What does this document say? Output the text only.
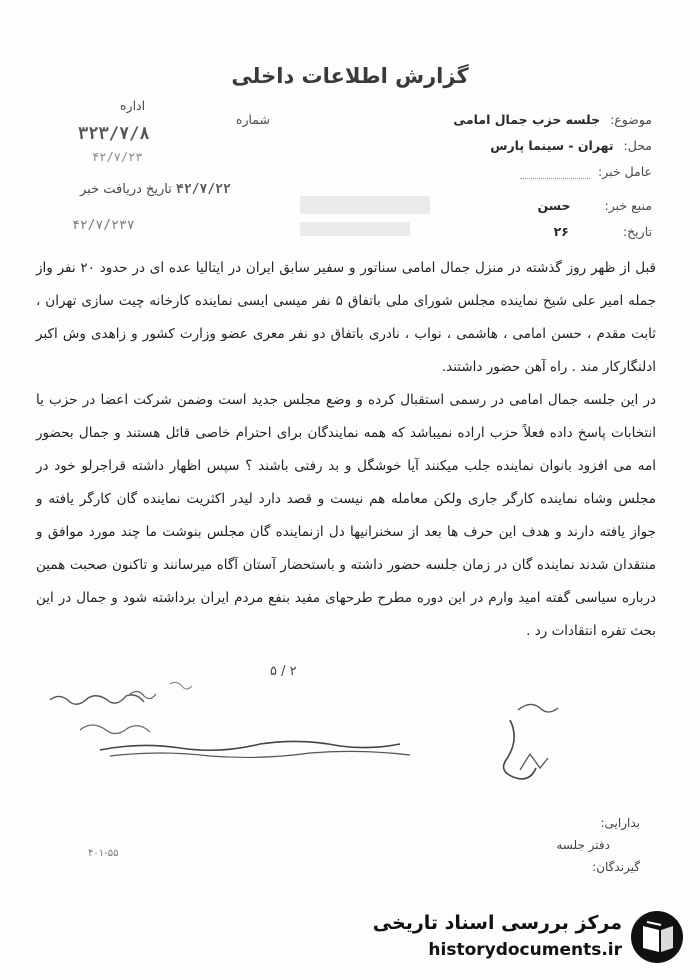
گزارش اطلاعات داخلی
موضوع: جلسه حزب جمال امامی
محل: تهران - سینما پارس
عامل خبر:
منبع خبر: حسن
تاریخ: ۲۶
اداره
شماره
۳۲۳/۷/۸
۴۲/۷/۲۳
۴۲/۷/۲۲ تاریخ دریافت خبر
۴۲/۷/۲۳۷

قبل از ظهر روز گذشته در منزل جمال امامی سناتور و سفیر سابق ایران در ایتالیا عده ای در حدود ۲۰ نفر واز جمله امیر علی شیخ نماینده مجلس شورای ملی باتفاق ۵ نفر میسی ایسی نماینده کارخانه چیت سازی تهران ، ثابت مقدم ، حسن امامی ، هاشمی ، نواب ، نادری باتفاق دو نفر معری عضو وزارت کشور و زاهدی وش اکبر ادلنگارکار مند . راه آهن حضور داشتند.

در این جلسه جمال امامی در رسمی استقبال کرده و وضع مجلس جدید است وضمن شرکت اعضا در حزب یا انتخابات پاسخ داده فعلاً حزب اراده نمیباشد که همه نمایندگان برای احترام خاصی قائل هستند و جمال بحضور امه می افزود بانوان نماینده جلب میکنند آیا خوشگل و بد رفتی باشند ؟ سپس اظهار داشته قراجرلو خود در مجلس وشاه نماینده کارگر جاری ولکن معامله هم نیست و قصد دارد لیدر اکثریت نماینده گان کارگر یافته و جواز یافته دارند و هدف این حرف ها بعد از سخنرانیها دل ازنماینده گان مجلس بنوشت ما چند مورد موافق و منتقدان شدند نماینده گان در زمان جلسه حضور داشته و باستحضار آستان آگاه میرسانند و تاکنون صحبت همین درباره سیاسی گفته امید وارم در این دوره مطرح طرحهای مفید بنفع مردم ایران برداشته شود و جمال در این بحث تفره انتقادات رد .

۲ / ۵
بدارایی:
دفتر جلسه
گیرندگان:
۴۰۱-۵۵
مرکز بررسی اسناد تاریخی
historydocuments.ir
